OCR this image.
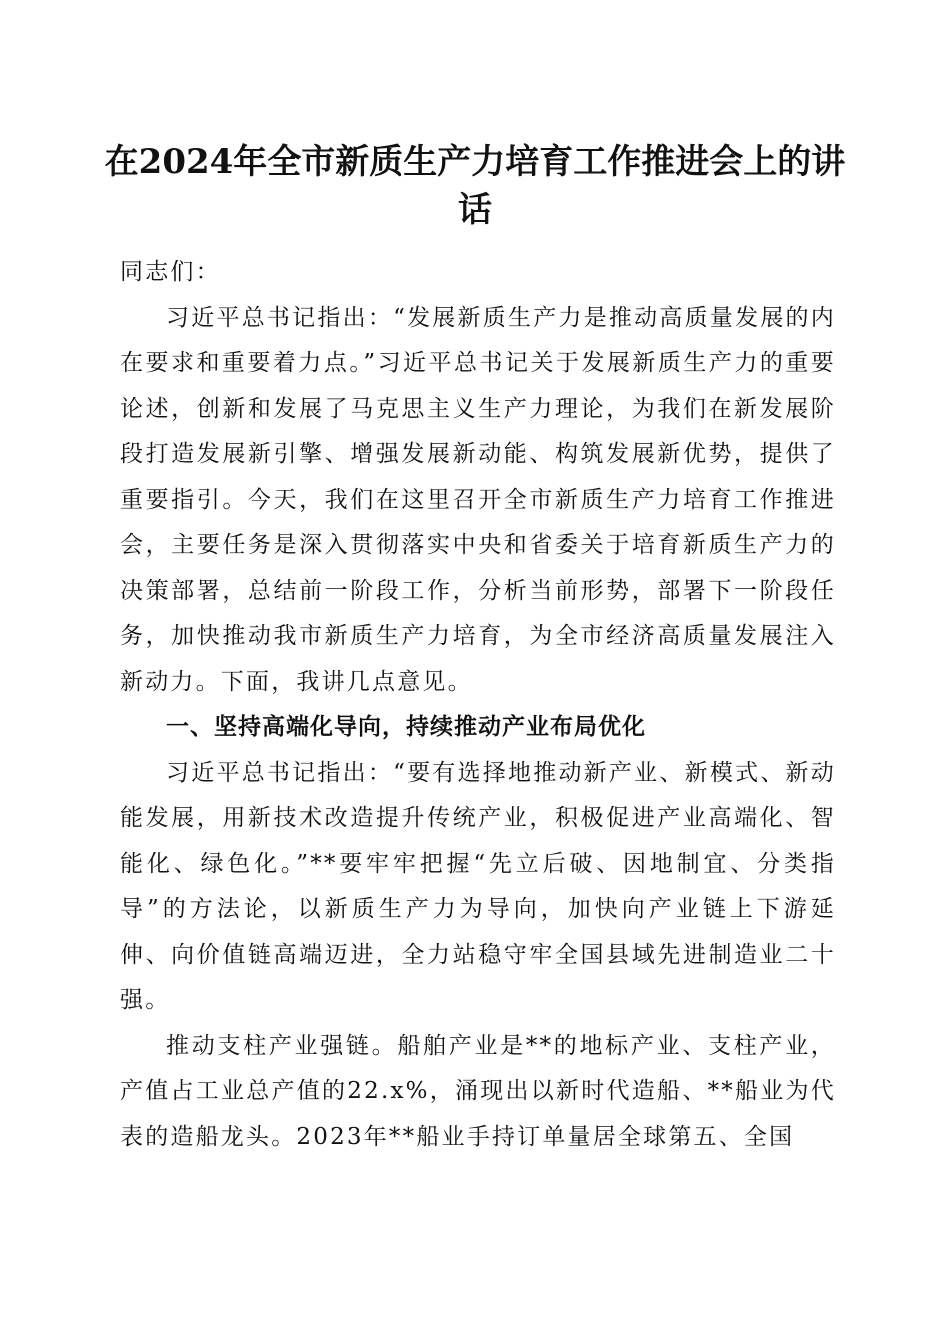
在2024年全市新质生产力培育工作推进会上的讲话

同志们：

习近平总书记指出：“发展新质生产力是推动高质量发展的内在要求和重要着力点。”习近平总书记关于发展新质生产力的重要论述，创新和发展了马克思主义生产力理论，为我们在新发展阶段打造发展新引擎、增强发展新动能、构筑发展新优势，提供了重要指引。今天，我们在这里召开全市新质生产力培育工作推进会，主要任务是深入贯彻落实中央和省委关于培育新质生产力的决策部署，总结前一阶段工作，分析当前形势，部署下一阶段任务，加快推动我市新质生产力培育，为全市经济高质量发展注入新动力。下面，我讲几点意见。

一、坚持高端化导向，持续推动产业布局优化

习近平总书记指出：“要有选择地推动新产业、新模式、新动能发展，用新技术改造提升传统产业，积极促进产业高端化、智能化、绿色化。”**要牢牢把握“先立后破、因地制宜、分类指导”的方法论，以新质生产力为导向，加快向产业链上下游延伸、向价值链高端迈进，全力站稳守牢全国县域先进制造业二十强。

推动支柱产业强链。船舶产业是**的地标产业、支柱产业，产值占工业总产值的22.x%，涌现出以新时代造船、**船业为代表的造船龙头。2023年**船业手持订单量居全球第五、全国
